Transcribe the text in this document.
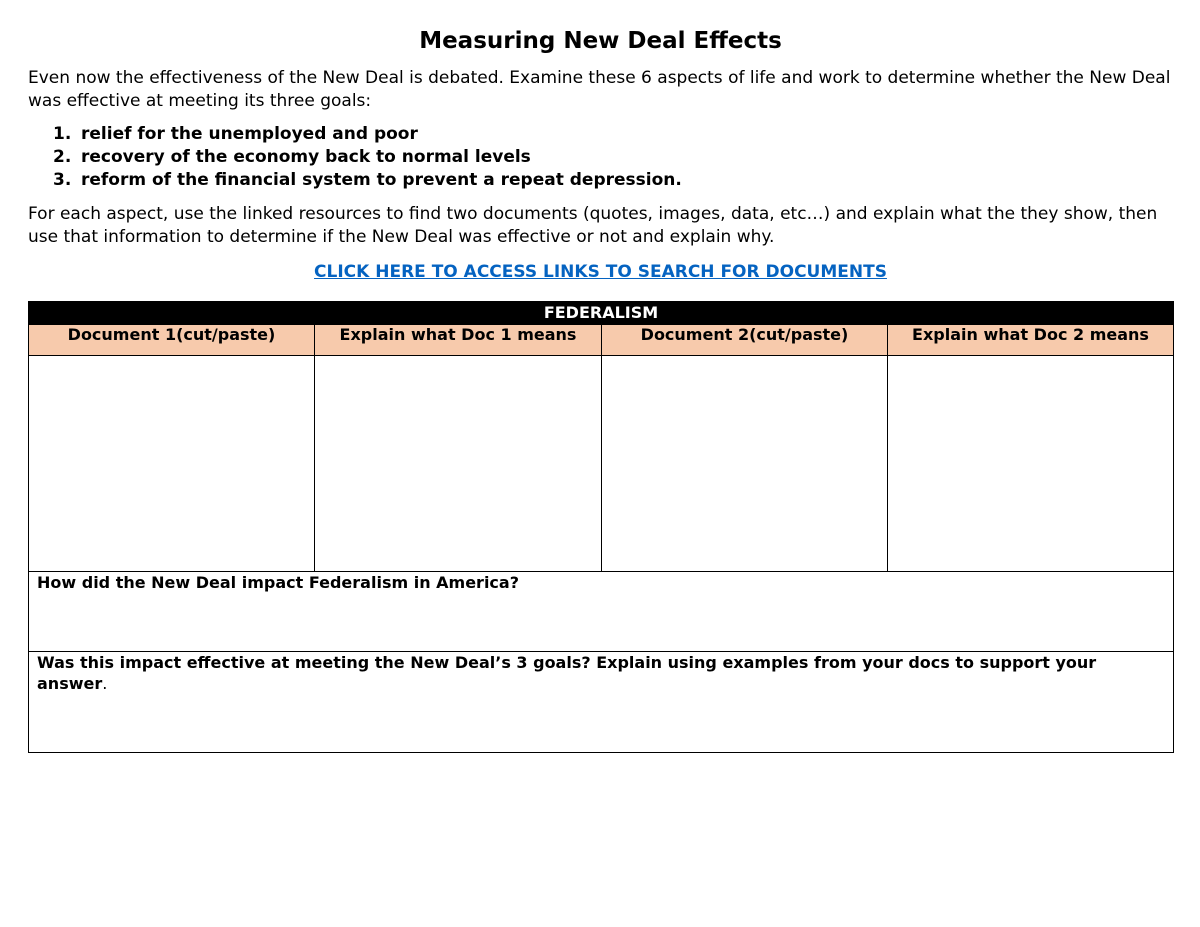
Measuring New Deal Effects

Even now the effectiveness of the New Deal is debated. Examine these 6 aspects of life and work to determine whether the New Deal was effective at meeting its three goals:

1. relief for the unemployed and poor
2. recovery of the economy back to normal levels
3. reform of the financial system to prevent a repeat depression.

For each aspect, use the linked resources to find two documents (quotes, images, data, etc…) and explain what the they show, then use that information to determine if the New Deal was effective or not and explain why.

CLICK HERE TO ACCESS LINKS TO SEARCH FOR DOCUMENTS

FEDERALISM			
Document 1(cut/paste)	Explain what Doc 1 means	Document 2(cut/paste)	Explain what Doc 2 means

How did the New Deal impact Federalism in America?			
Was this impact effective at meeting the New Deal’s 3 goals? Explain using examples from your docs to support your answer.			
